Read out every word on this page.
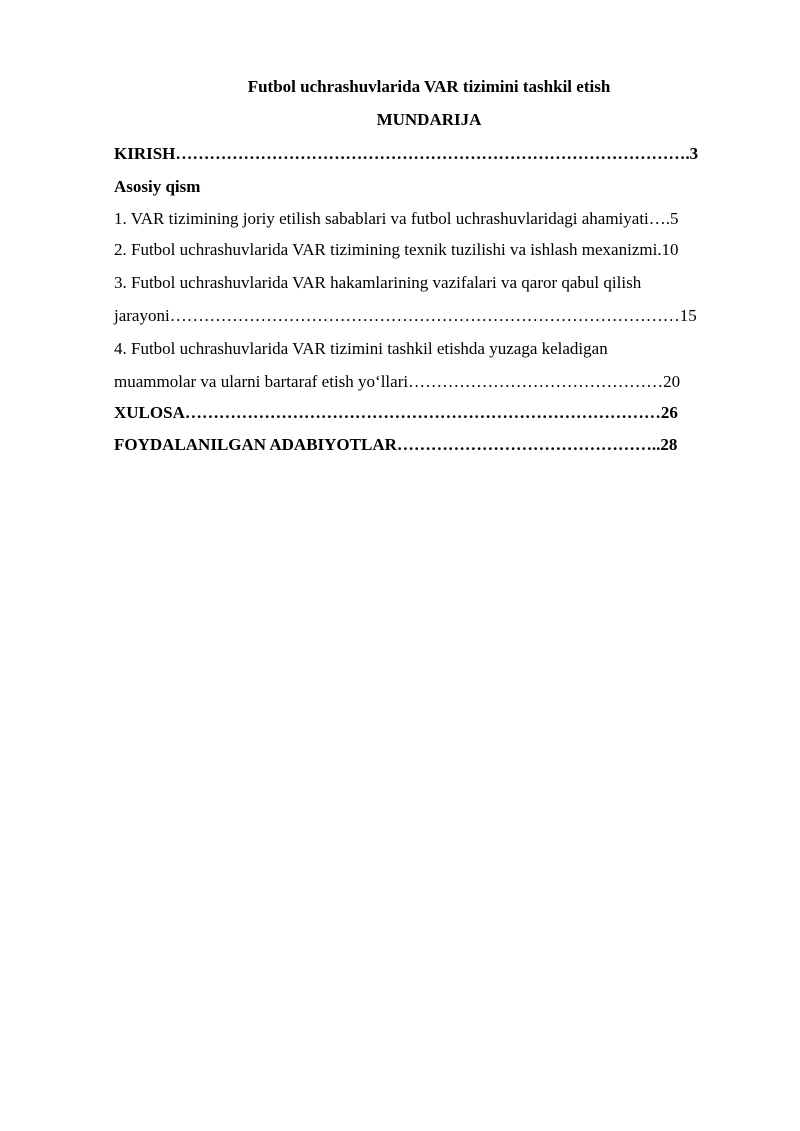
Futbol uchrashuvlarida VAR tizimini tashkil etish
MUNDARIJA
KIRISH……………………………………………………………………………….3
Asosiy qism
1. VAR tizimining joriy etilish sabablari va futbol uchrashuvlaridagi ahamiyati….5
2. Futbol uchrashuvlarida VAR tizimining texnik tuzilishi va ishlash mexanizmi.10
3. Futbol uchrashuvlarida VAR hakamlarining vazifalari va qaror qabul qilish
jarayoni………………………………………………………………………………15
4. Futbol uchrashuvlarida VAR tizimini tashkil etishda yuzaga keladigan
muammolar va ularni bartaraf etish yo‘llari………………………………………20
XULOSA…………………………………………………………………………26
FOYDALANILGAN ADABIYOTLAR………………………………………..28
